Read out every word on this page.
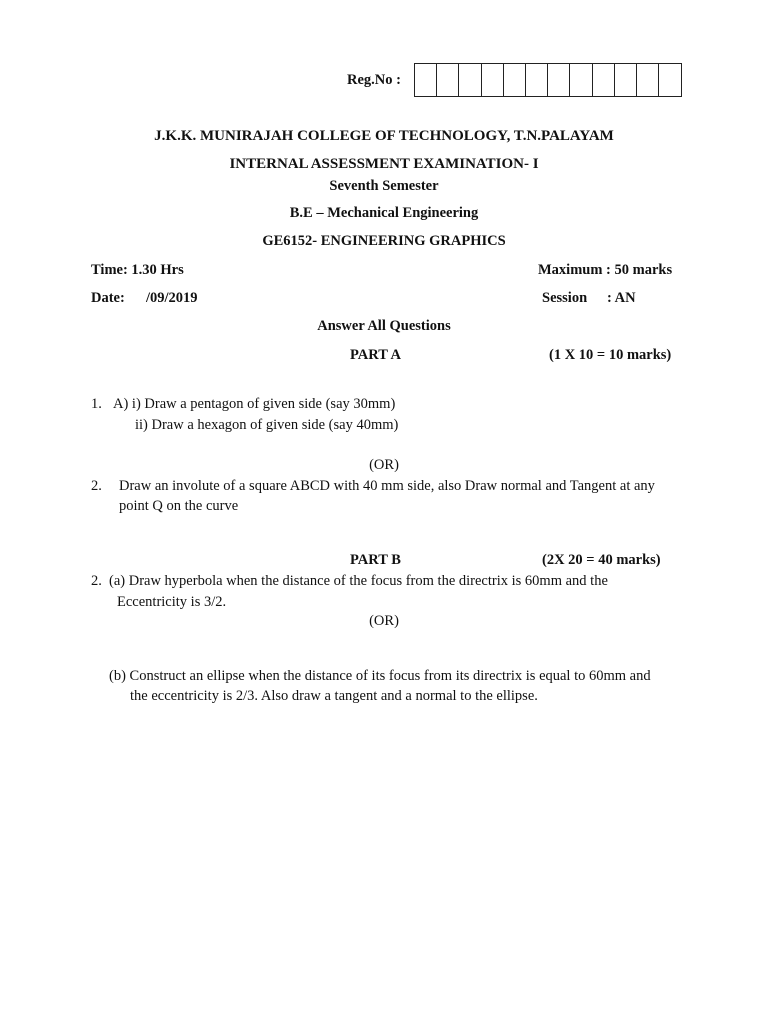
Reg.No :
J.K.K. MUNIRAJAH COLLEGE OF TECHNOLOGY, T.N.PALAYAM
INTERNAL ASSESSMENT EXAMINATION- I
Seventh Semester
B.E – Mechanical Engineering
GE6152- ENGINEERING GRAPHICS
Time: 1.30 Hrs	Maximum : 50 marks
Date: /09/2019	Session : AN
Answer All Questions
PART A	(1 X 10 = 10 marks)
1. A) i) Draw a pentagon of given side (say 30mm)
ii) Draw a hexagon of given side (say 40mm)
(OR)
2. Draw an involute of a square ABCD with 40 mm side, also Draw normal and Tangent at any
point Q on the curve
PART B	(2X 20 = 40 marks)
2. (a) Draw hyperbola when the distance of the focus from the directrix is 60mm and the
Eccentricity is 3/2.
(OR)
(b) Construct an ellipse when the distance of its focus from its directrix is equal to 60mm and
the eccentricity is 2/3. Also draw a tangent and a normal to the ellipse.
